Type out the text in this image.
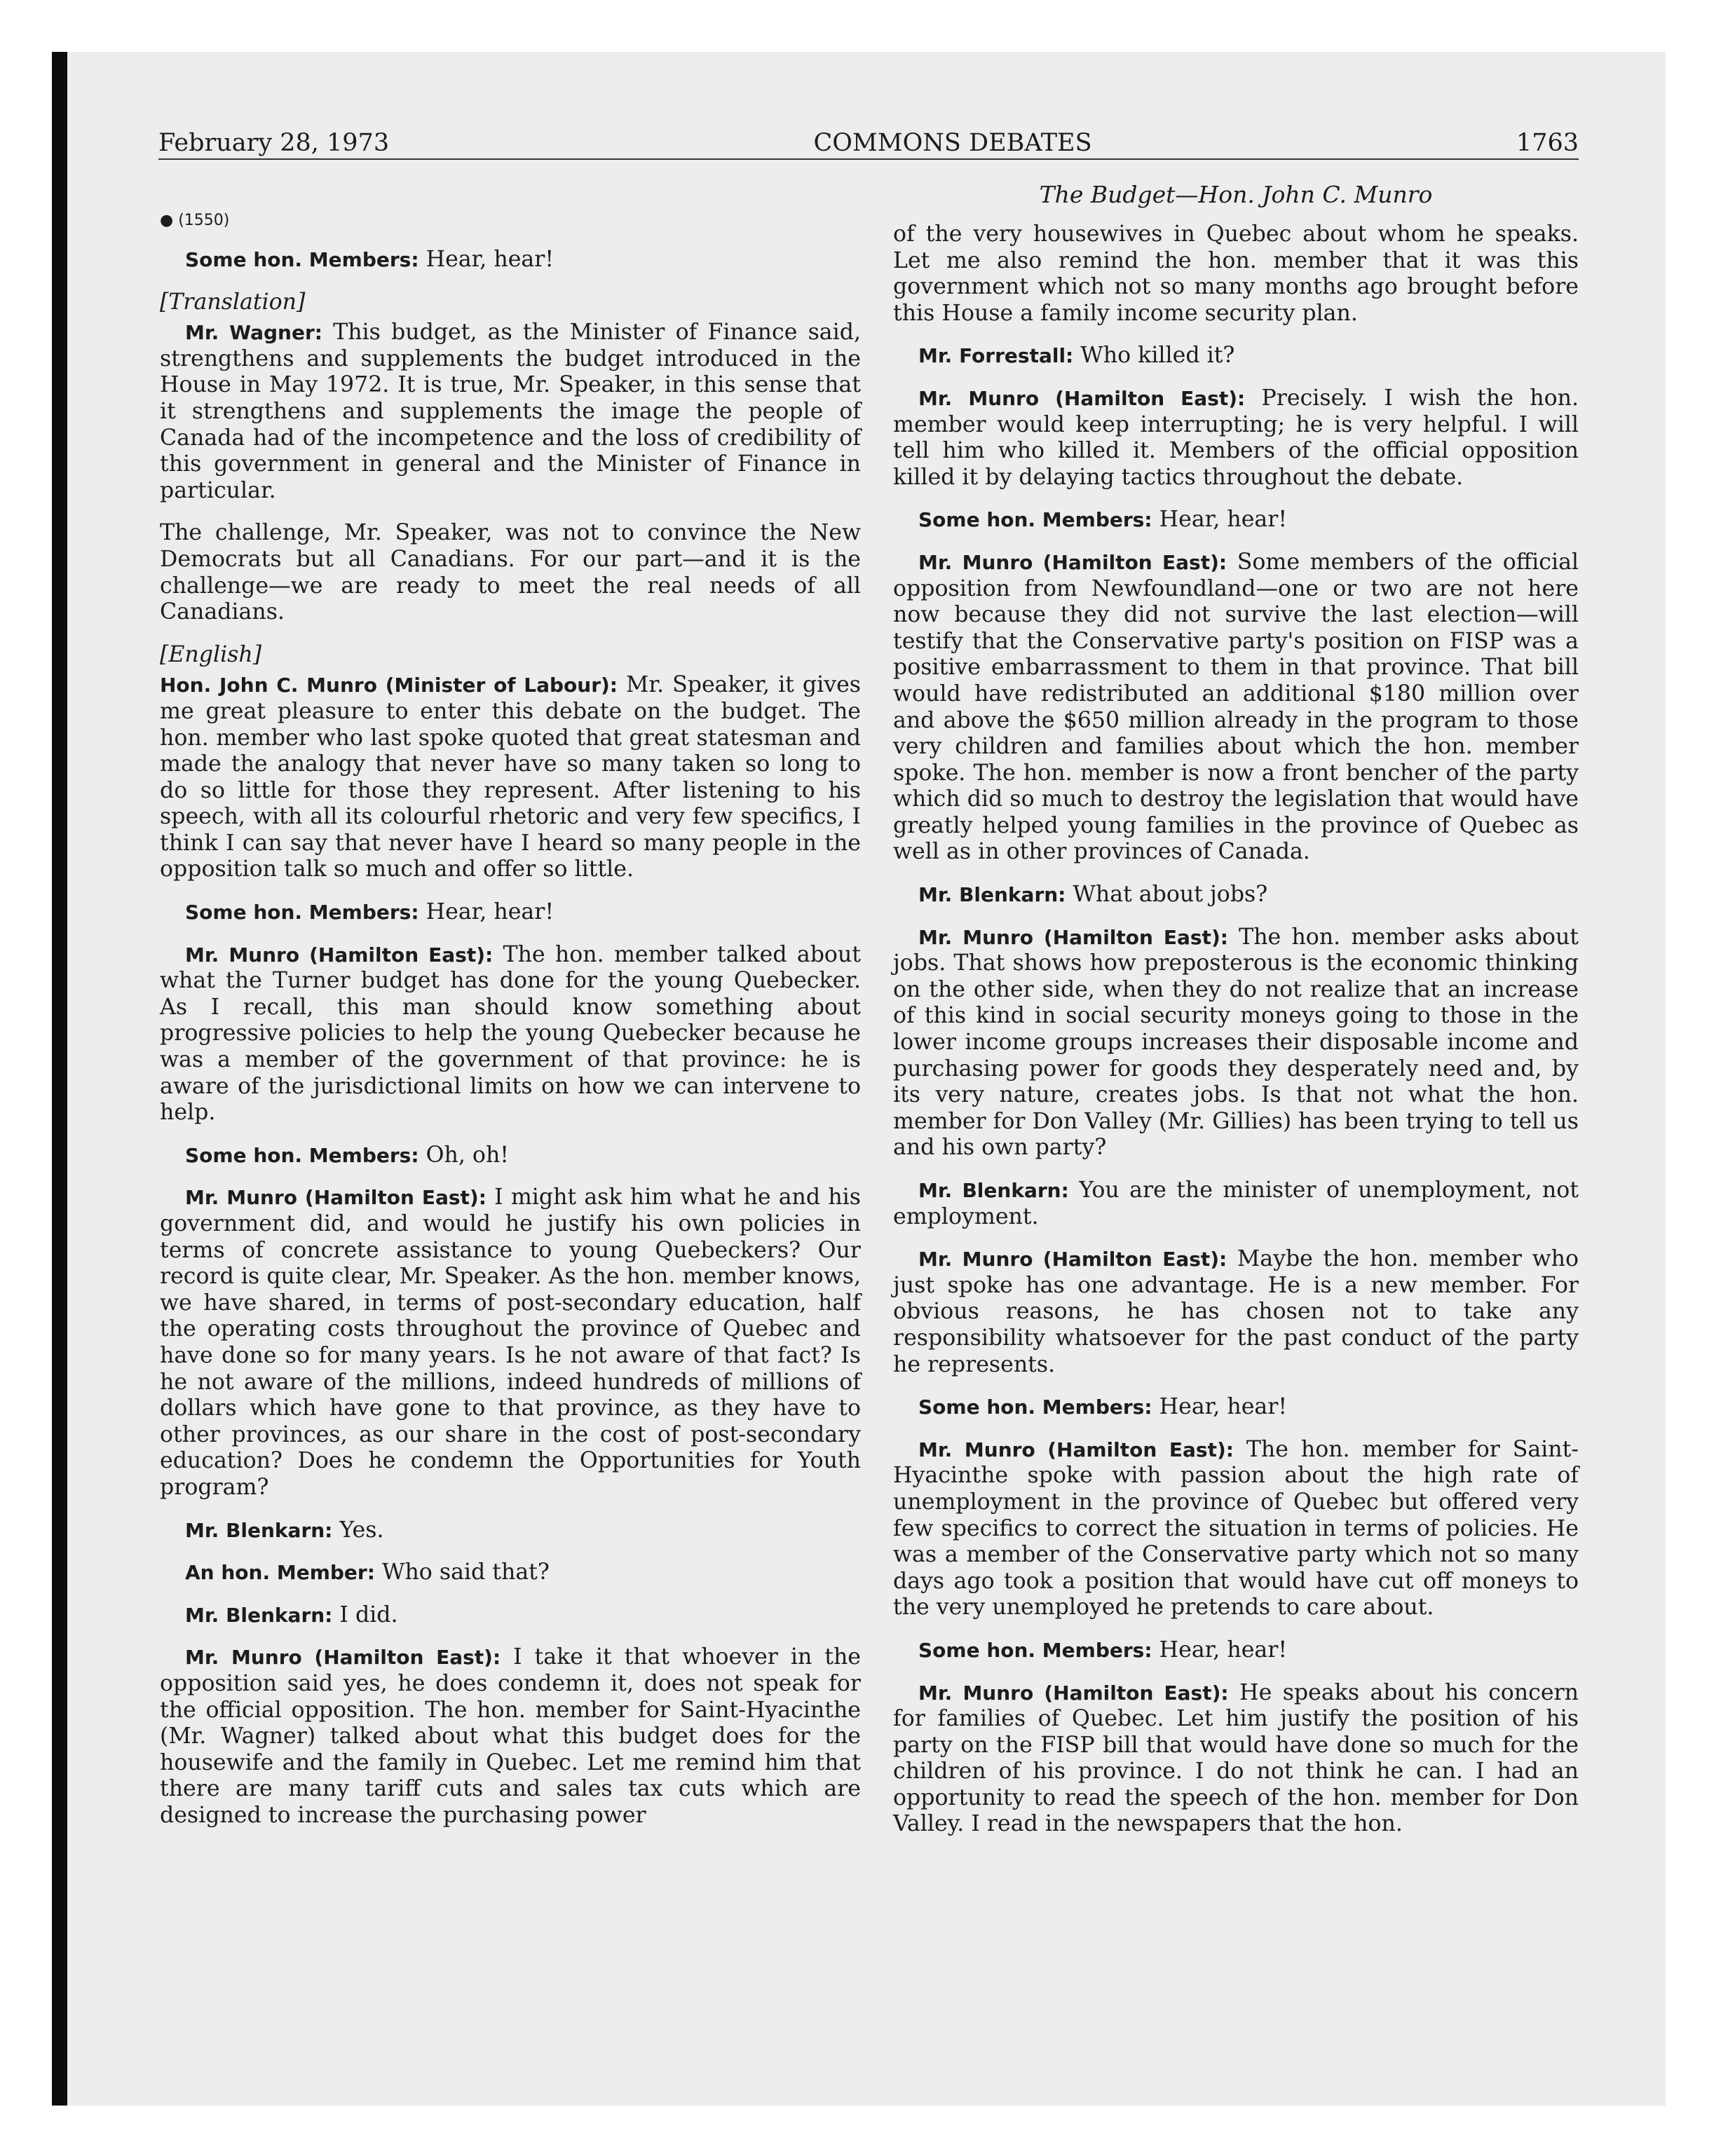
February 28, 1973	COMMONS DEBATES	1763
The Budget—Hon. John C. Munro
● (1550)

Some hon. Members: Hear, hear!

[Translation]

Mr. Wagner: This budget, as the Minister of Finance said, strengthens and supplements the budget introduced in the House in May 1972. It is true, Mr. Speaker, in this sense that it strengthens and supplements the image the people of Canada had of the incompetence and the loss of credibility of this government in general and the Minister of Finance in particular.

The challenge, Mr. Speaker, was not to convince the New Democrats but all Canadians. For our part—and it is the challenge—we are ready to meet the real needs of all Canadians.

[English]

Hon. John C. Munro (Minister of Labour): Mr. Speaker, it gives me great pleasure to enter this debate on the budget. The hon. member who last spoke quoted that great statesman and made the analogy that never have so many taken so long to do so little for those they represent. After listening to his speech, with all its colourful rhetoric and very few specifics, I think I can say that never have I heard so many people in the opposition talk so much and offer so little.

Some hon. Members: Hear, hear!

Mr. Munro (Hamilton East): The hon. member talked about what the Turner budget has done for the young Quebecker. As I recall, this man should know something about progressive policies to help the young Quebecker because he was a member of the government of that province: he is aware of the jurisdictional limits on how we can intervene to help.

Some hon. Members: Oh, oh!

Mr. Munro (Hamilton East): I might ask him what he and his government did, and would he justify his own policies in terms of concrete assistance to young Quebeckers? Our record is quite clear, Mr. Speaker. As the hon. member knows, we have shared, in terms of post-secondary education, half the operating costs throughout the province of Quebec and have done so for many years. Is he not aware of that fact? Is he not aware of the millions, indeed hundreds of millions of dollars which have gone to that province, as they have to other provinces, as our share in the cost of post-secondary education? Does he condemn the Opportunities for Youth program?

Mr. Blenkarn: Yes.

An hon. Member: Who said that?

Mr. Blenkarn: I did.

Mr. Munro (Hamilton East): I take it that whoever in the opposition said yes, he does condemn it, does not speak for the official opposition. The hon. member for Saint-Hyacinthe (Mr. Wagner) talked about what this budget does for the housewife and the family in Quebec. Let me remind him that there are many tariff cuts and sales tax cuts which are designed to increase the purchasing power

of the very housewives in Quebec about whom he speaks. Let me also remind the hon. member that it was this government which not so many months ago brought before this House a family income security plan.

Mr. Forrestall: Who killed it?

Mr. Munro (Hamilton East): Precisely. I wish the hon. member would keep interrupting; he is very helpful. I will tell him who killed it. Members of the official opposition killed it by delaying tactics throughout the debate.

Some hon. Members: Hear, hear!

Mr. Munro (Hamilton East): Some members of the official opposition from Newfoundland—one or two are not here now because they did not survive the last election—will testify that the Conservative party's position on FISP was a positive embarrassment to them in that province. That bill would have redistributed an additional $180 million over and above the $650 million already in the program to those very children and families about which the hon. member spoke. The hon. member is now a front bencher of the party which did so much to destroy the legislation that would have greatly helped young families in the province of Quebec as well as in other provinces of Canada.

Mr. Blenkarn: What about jobs?

Mr. Munro (Hamilton East): The hon. member asks about jobs. That shows how preposterous is the economic thinking on the other side, when they do not realize that an increase of this kind in social security moneys going to those in the lower income groups increases their disposable income and purchasing power for goods they desperately need and, by its very nature, creates jobs. Is that not what the hon. member for Don Valley (Mr. Gillies) has been trying to tell us and his own party?

Mr. Blenkarn: You are the minister of unemployment, not employment.

Mr. Munro (Hamilton East): Maybe the hon. member who just spoke has one advantage. He is a new member. For obvious reasons, he has chosen not to take any responsibility whatsoever for the past conduct of the party he represents.

Some hon. Members: Hear, hear!

Mr. Munro (Hamilton East): The hon. member for Saint-Hyacinthe spoke with passion about the high rate of unemployment in the province of Quebec but offered very few specifics to correct the situation in terms of policies. He was a member of the Conservative party which not so many days ago took a position that would have cut off moneys to the very unemployed he pretends to care about.

Some hon. Members: Hear, hear!

Mr. Munro (Hamilton East): He speaks about his concern for families of Quebec. Let him justify the position of his party on the FISP bill that would have done so much for the children of his province. I do not think he can. I had an opportunity to read the speech of the hon. member for Don Valley. I read in the newspapers that the hon.
